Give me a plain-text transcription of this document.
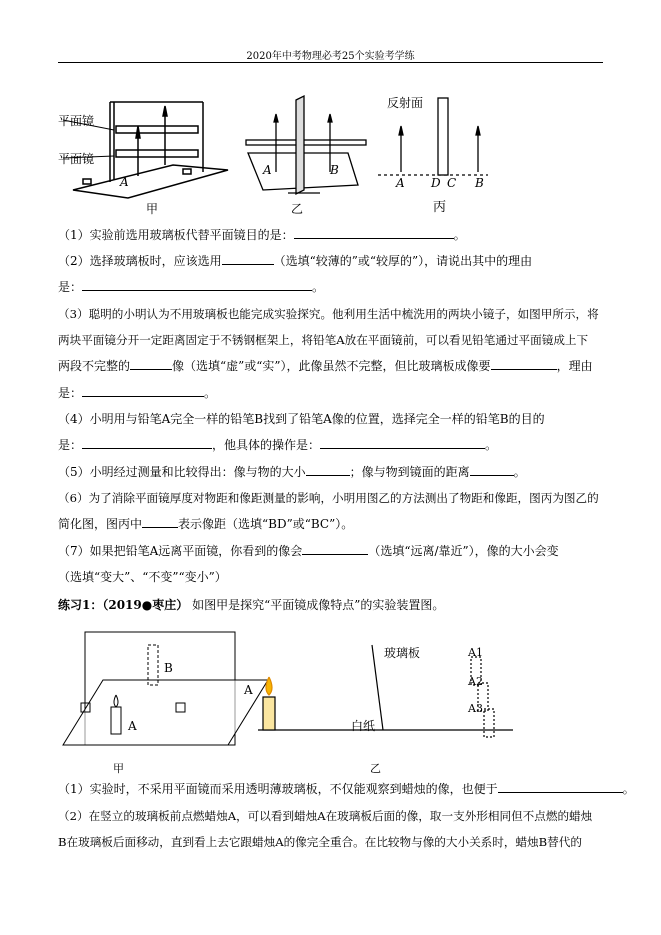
2020年中考物理必考25个实验考学练
平面镜
平面镜
反射面
A
A	B
A D C B
甲	乙	丙
（1）实验前选用玻璃板代替平面镜目的是：	。
（2）选择玻璃板时，应该选用	（选填“较薄的”或“较厚的”），请说出其中的理由
是：	。
（3）聪明的小明认为不用玻璃板也能完成实验探究。他利用生活中梳洗用的两块小镜子，如图甲所示，将
两块平面镜分开一定距离固定于不锈钢框架上，将铅笔A放在平面镜前，可以看见铅笔通过平面镜成上下
两段不完整的	像（选填“虚”或“实”），此像虽然不完整，但比玻璃板成像要	，理由
是：	。
（4）小明用与铅笔A完全一样的铅笔B找到了铅笔A像的位置，选择完全一样的铅笔B的目的
是：	，他具体的操作是：	。
（5）小明经过测量和比较得出：像与物的大小	；像与物到镜面的距离	。
（6）为了消除平面镜厚度对物距和像距测量的影响，小明用图乙的方法测出了物距和像距，图丙为图乙的
简化图，图丙中	表示像距（选填“BD”或“BC”）。
（7）如果把铅笔A远离平面镜，你看到的像会	（选填“远离/靠近”），像的大小会变
（选填“变大”、“不变”“变小”）
练习1：（2019●枣庄） 如图甲是探究“平面镜成像特点”的实验装置图。
B
A
A
玻璃板
白纸
A1
A2
A3
甲	乙
（1）实验时，不采用平面镜而采用透明薄玻璃板，不仅能观察到蜡烛的像，也便于	。
（2）在竖立的玻璃板前点燃蜡烛A，可以看到蜡烛A在玻璃板后面的像，取一支外形相同但不点燃的蜡烛
B在玻璃板后面移动，直到看上去它跟蜡烛A的像完全重合。在比较物与像的大小关系时，蜡烛B替代的
